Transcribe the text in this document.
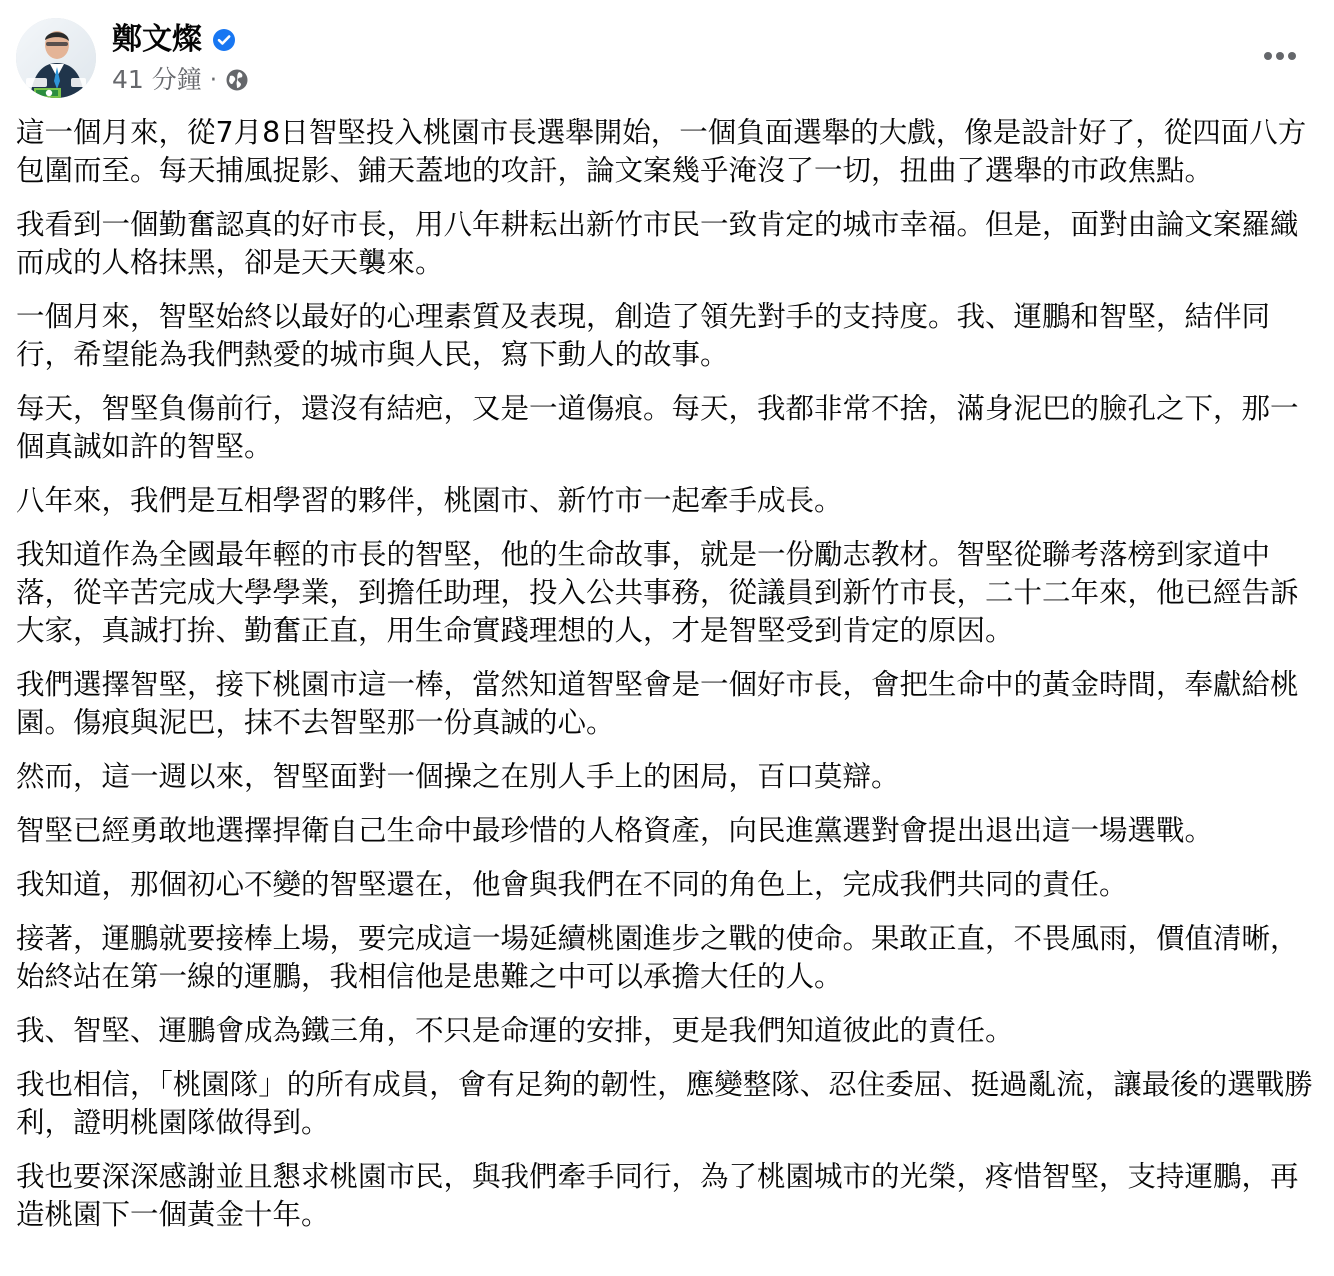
鄭文燦
41 分鐘 ·

這一個月來，從7月8日智堅投入桃園市長選舉開始，一個負面選舉的大戲，像是設計好了，從四面八方包圍而至。每天捕風捉影、鋪天蓋地的攻訐，論文案幾乎淹沒了一切，扭曲了選舉的市政焦點。

我看到一個勤奮認真的好市長，用八年耕耘出新竹市民一致肯定的城市幸福。但是，面對由論文案羅織而成的人格抹黑，卻是天天襲來。

一個月來，智堅始終以最好的心理素質及表現，創造了領先對手的支持度。我、運鵬和智堅，結伴同行，希望能為我們熱愛的城市與人民，寫下動人的故事。

每天，智堅負傷前行，還沒有結疤，又是一道傷痕。每天，我都非常不捨，滿身泥巴的臉孔之下，那一個真誠如許的智堅。

八年來，我們是互相學習的夥伴，桃園市、新竹市一起牽手成長。

我知道作為全國最年輕的市長的智堅，他的生命故事，就是一份勵志教材。智堅從聯考落榜到家道中落，從辛苦完成大學學業，到擔任助理，投入公共事務，從議員到新竹市長，二十二年來，他已經告訴大家，真誠打拚、勤奮正直，用生命實踐理想的人，才是智堅受到肯定的原因。

我們選擇智堅，接下桃園市這一棒，當然知道智堅會是一個好市長，會把生命中的黃金時間，奉獻給桃園。傷痕與泥巴，抹不去智堅那一份真誠的心。

然而，這一週以來，智堅面對一個操之在別人手上的困局，百口莫辯。

智堅已經勇敢地選擇捍衛自己生命中最珍惜的人格資產，向民進黨選對會提出退出這一場選戰。

我知道，那個初心不變的智堅還在，他會與我們在不同的角色上，完成我們共同的責任。

接著，運鵬就要接棒上場，要完成這一場延續桃園進步之戰的使命。果敢正直，不畏風雨，價值清晰，始終站在第一線的運鵬，我相信他是患難之中可以承擔大任的人。

我、智堅、運鵬會成為鐵三角，不只是命運的安排，更是我們知道彼此的責任。

我也相信，「桃園隊」的所有成員，會有足夠的韌性，應變整隊、忍住委屈、挺過亂流，讓最後的選戰勝利，證明桃園隊做得到。

我也要深深感謝並且懇求桃園市民，與我們牽手同行，為了桃園城市的光榮，疼惜智堅，支持運鵬，再造桃園下一個黃金十年。
